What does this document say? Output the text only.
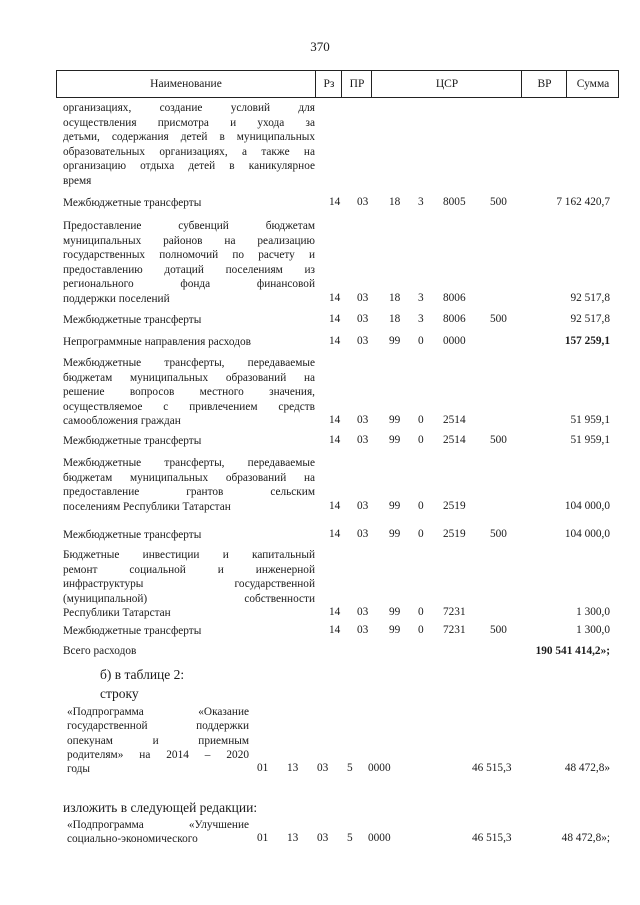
370
Наименование	Рз	ПР	ЦСР	ВР	Сумма
организациях, создание условий для
осуществления присмотра и ухода за
детьми, содержания детей в муниципальных
образовательных организациях, а также на
организацию отдыха детей в каникулярное
время
Межбюджетные трансферты	14 03 18 3 8005 500	7 162 420,7
Предоставление субвенций бюджетам
муниципальных районов на реализацию
государственных полномочий по расчету и
предоставлению дотаций поселениям из
регионального фонда финансовой
поддержки поселений	14 03 18 3 8006	92 517,8
Межбюджетные трансферты	14 03 18 3 8006 500	92 517,8
Непрограммные направления расходов	14 03 99 0 0000	157 259,1
Межбюджетные трансферты, передаваемые
бюджетам муниципальных образований на
решение вопросов местного значения,
осуществляемое с привлечением средств
самообложения граждан	14 03 99 0 2514	51 959,1
Межбюджетные трансферты	14 03 99 0 2514 500	51 959,1
Межбюджетные трансферты, передаваемые
бюджетам муниципальных образований на
предоставление грантов сельским
поселениям Республики Татарстан	14 03 99 0 2519	104 000,0
Межбюджетные трансферты	14 03 99 0 2519 500	104 000,0
Бюджетные инвестиции и капитальный
ремонт социальной и инженерной
инфраструктуры государственной
(муниципальной) собственности
Республики Татарстан	14 03 99 0 7231	1 300,0
Межбюджетные трансферты	14 03 99 0 7231 500	1 300,0
Всего расходов	190 541 414,2»;
б) в таблице 2:
строку
«Подпрограмма «Оказание
государственной поддержки
опекунам и приемным
родителям» на 2014 – 2020
годы	01 13 03 5 0000	46 515,3	48 472,8»
изложить в следующей редакции:
«Подпрограмма «Улучшение
социально-экономического	01 13 03 5 0000	46 515,3	48 472,8»;
